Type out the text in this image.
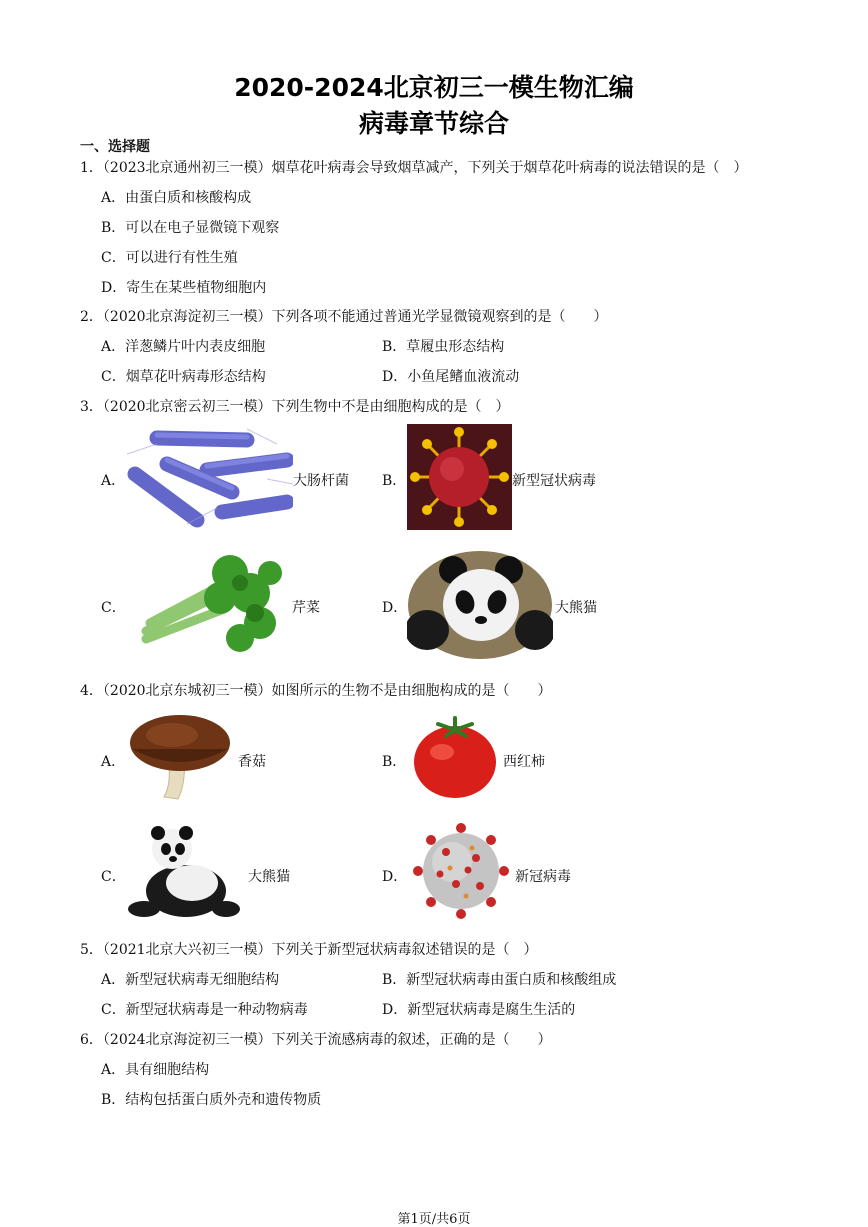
2020-2024北京初三一模生物汇编
病毒章节综合
一、选择题
1．（2023北京通州初三一模）烟草花叶病毒会导致烟草减产，下列关于烟草花叶病毒的说法错误的是（　）
A．由蛋白质和核酸构成
B．可以在电子显微镜下观察
C．可以进行有性生殖
D．寄生在某些植物细胞内
2．（2020北京海淀初三一模）下列各项不能通过普通光学显微镜观察到的是（　　）
A．洋葱鳞片叶内表皮细胞	B．草履虫形态结构
C．烟草花叶病毒形态结构	D．小鱼尾鳍血液流动
3．（2020北京密云初三一模）下列生物中不是由细胞构成的是（　）
A．	大肠杆菌 B．	新型冠状病毒
C．	芹菜	D．	大熊猫
4．（2020北京东城初三一模）如图所示的生物不是由细胞构成的是（　　）
A．	香菇	B．	西红柿
C．	大熊猫	D．	新冠病毒
5．（2021北京大兴初三一模）下列关于新型冠状病毒叙述错误的是（　）
A．新型冠状病毒无细胞结构	B．新型冠状病毒由蛋白质和核酸组成
C．新型冠状病毒是一种动物病毒	D．新型冠状病毒是腐生生活的
6．（2024北京海淀初三一模）下列关于流感病毒的叙述，正确的是（　　）
A．具有细胞结构
B．结构包括蛋白质外壳和遗传物质
第1页/共6页
